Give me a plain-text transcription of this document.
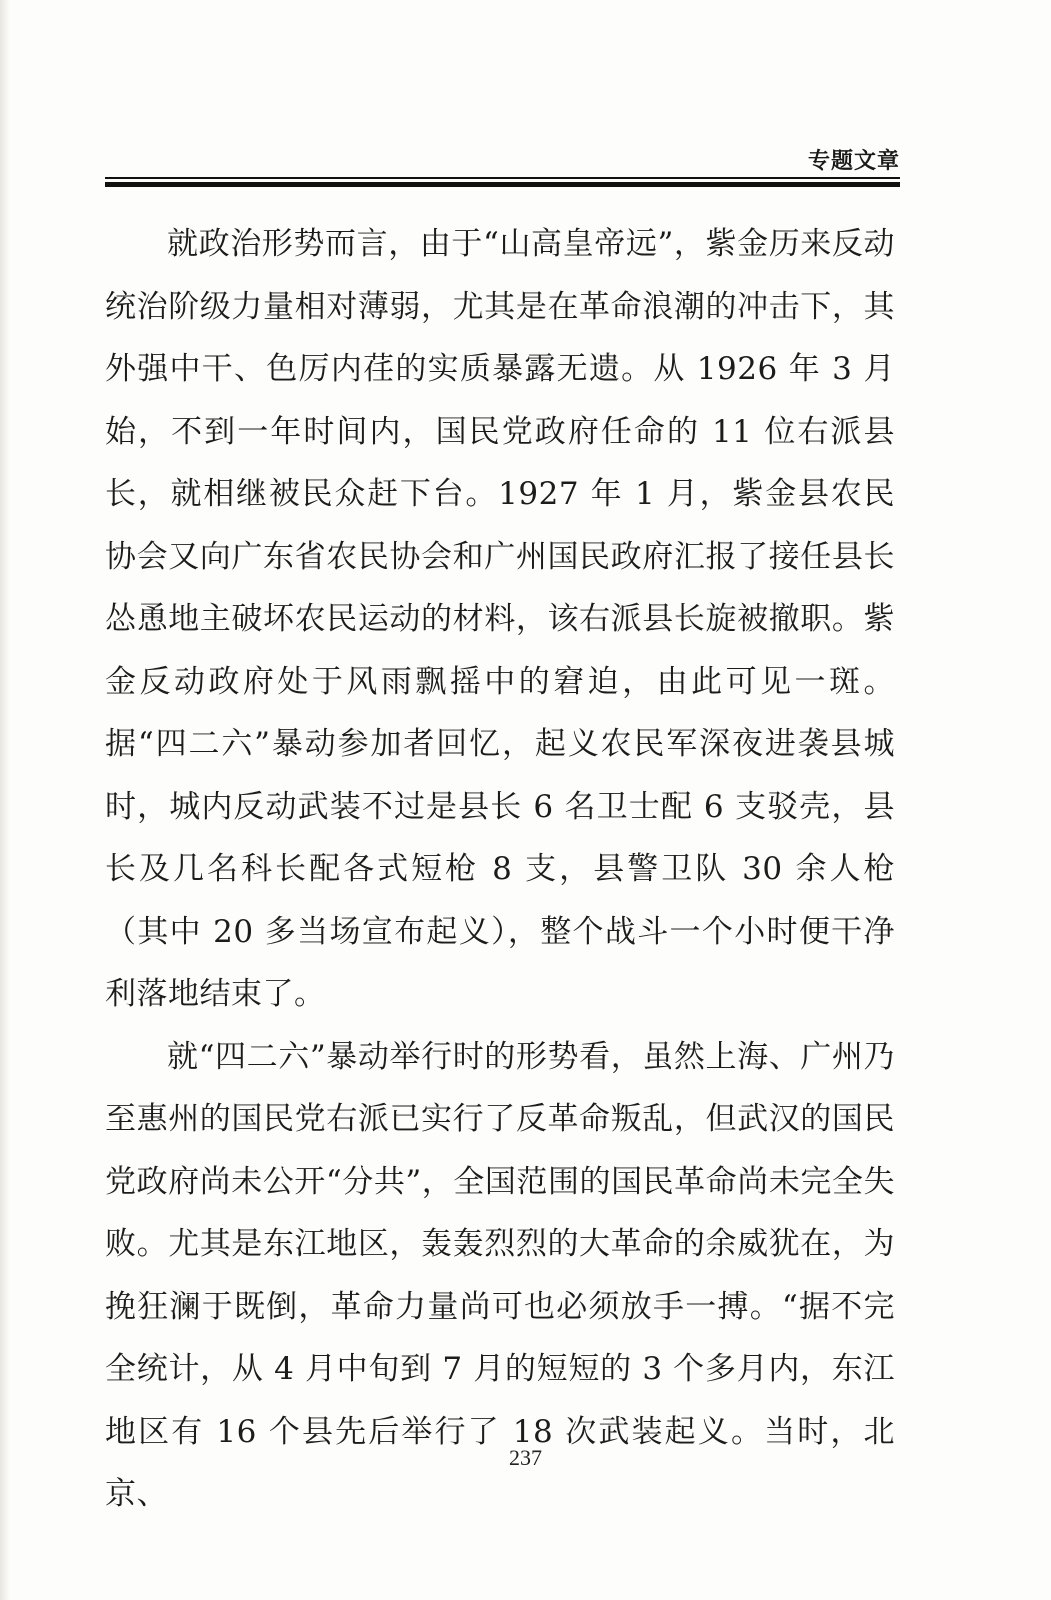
专题文章

就政治形势而言，由于“山高皇帝远”，紫金历来反动统治阶级力量相对薄弱，尤其是在革命浪潮的冲击下，其外强中干、色厉内荏的实质暴露无遗。从 1926 年 3 月始，不到一年时间内，国民党政府任命的 11 位右派县长，就相继被民众赶下台。1927 年 1 月，紫金县农民协会又向广东省农民协会和广州国民政府汇报了接任县长怂恿地主破坏农民运动的材料，该右派县长旋被撤职。紫金反动政府处于风雨飘摇中的窘迫，由此可见一斑。据“四二六”暴动参加者回忆，起义农民军深夜进袭县城时，城内反动武装不过是县长 6 名卫士配 6 支驳壳，县长及几名科长配各式短枪 8 支，县警卫队 30 余人枪（其中 20 多当场宣布起义），整个战斗一个小时便干净利落地结束了。

就“四二六”暴动举行时的形势看，虽然上海、广州乃至惠州的国民党右派已实行了反革命叛乱，但武汉的国民党政府尚未公开“分共”，全国范围的国民革命尚未完全失败。尤其是东江地区，轰轰烈烈的大革命的余威犹在，为挽狂澜于既倒，革命力量尚可也必须放手一搏。“据不完全统计，从 4 月中旬到 7 月的短短的 3 个多月内，东江地区有 16 个县先后举行了 18 次武装起义。当时，北京、

237
